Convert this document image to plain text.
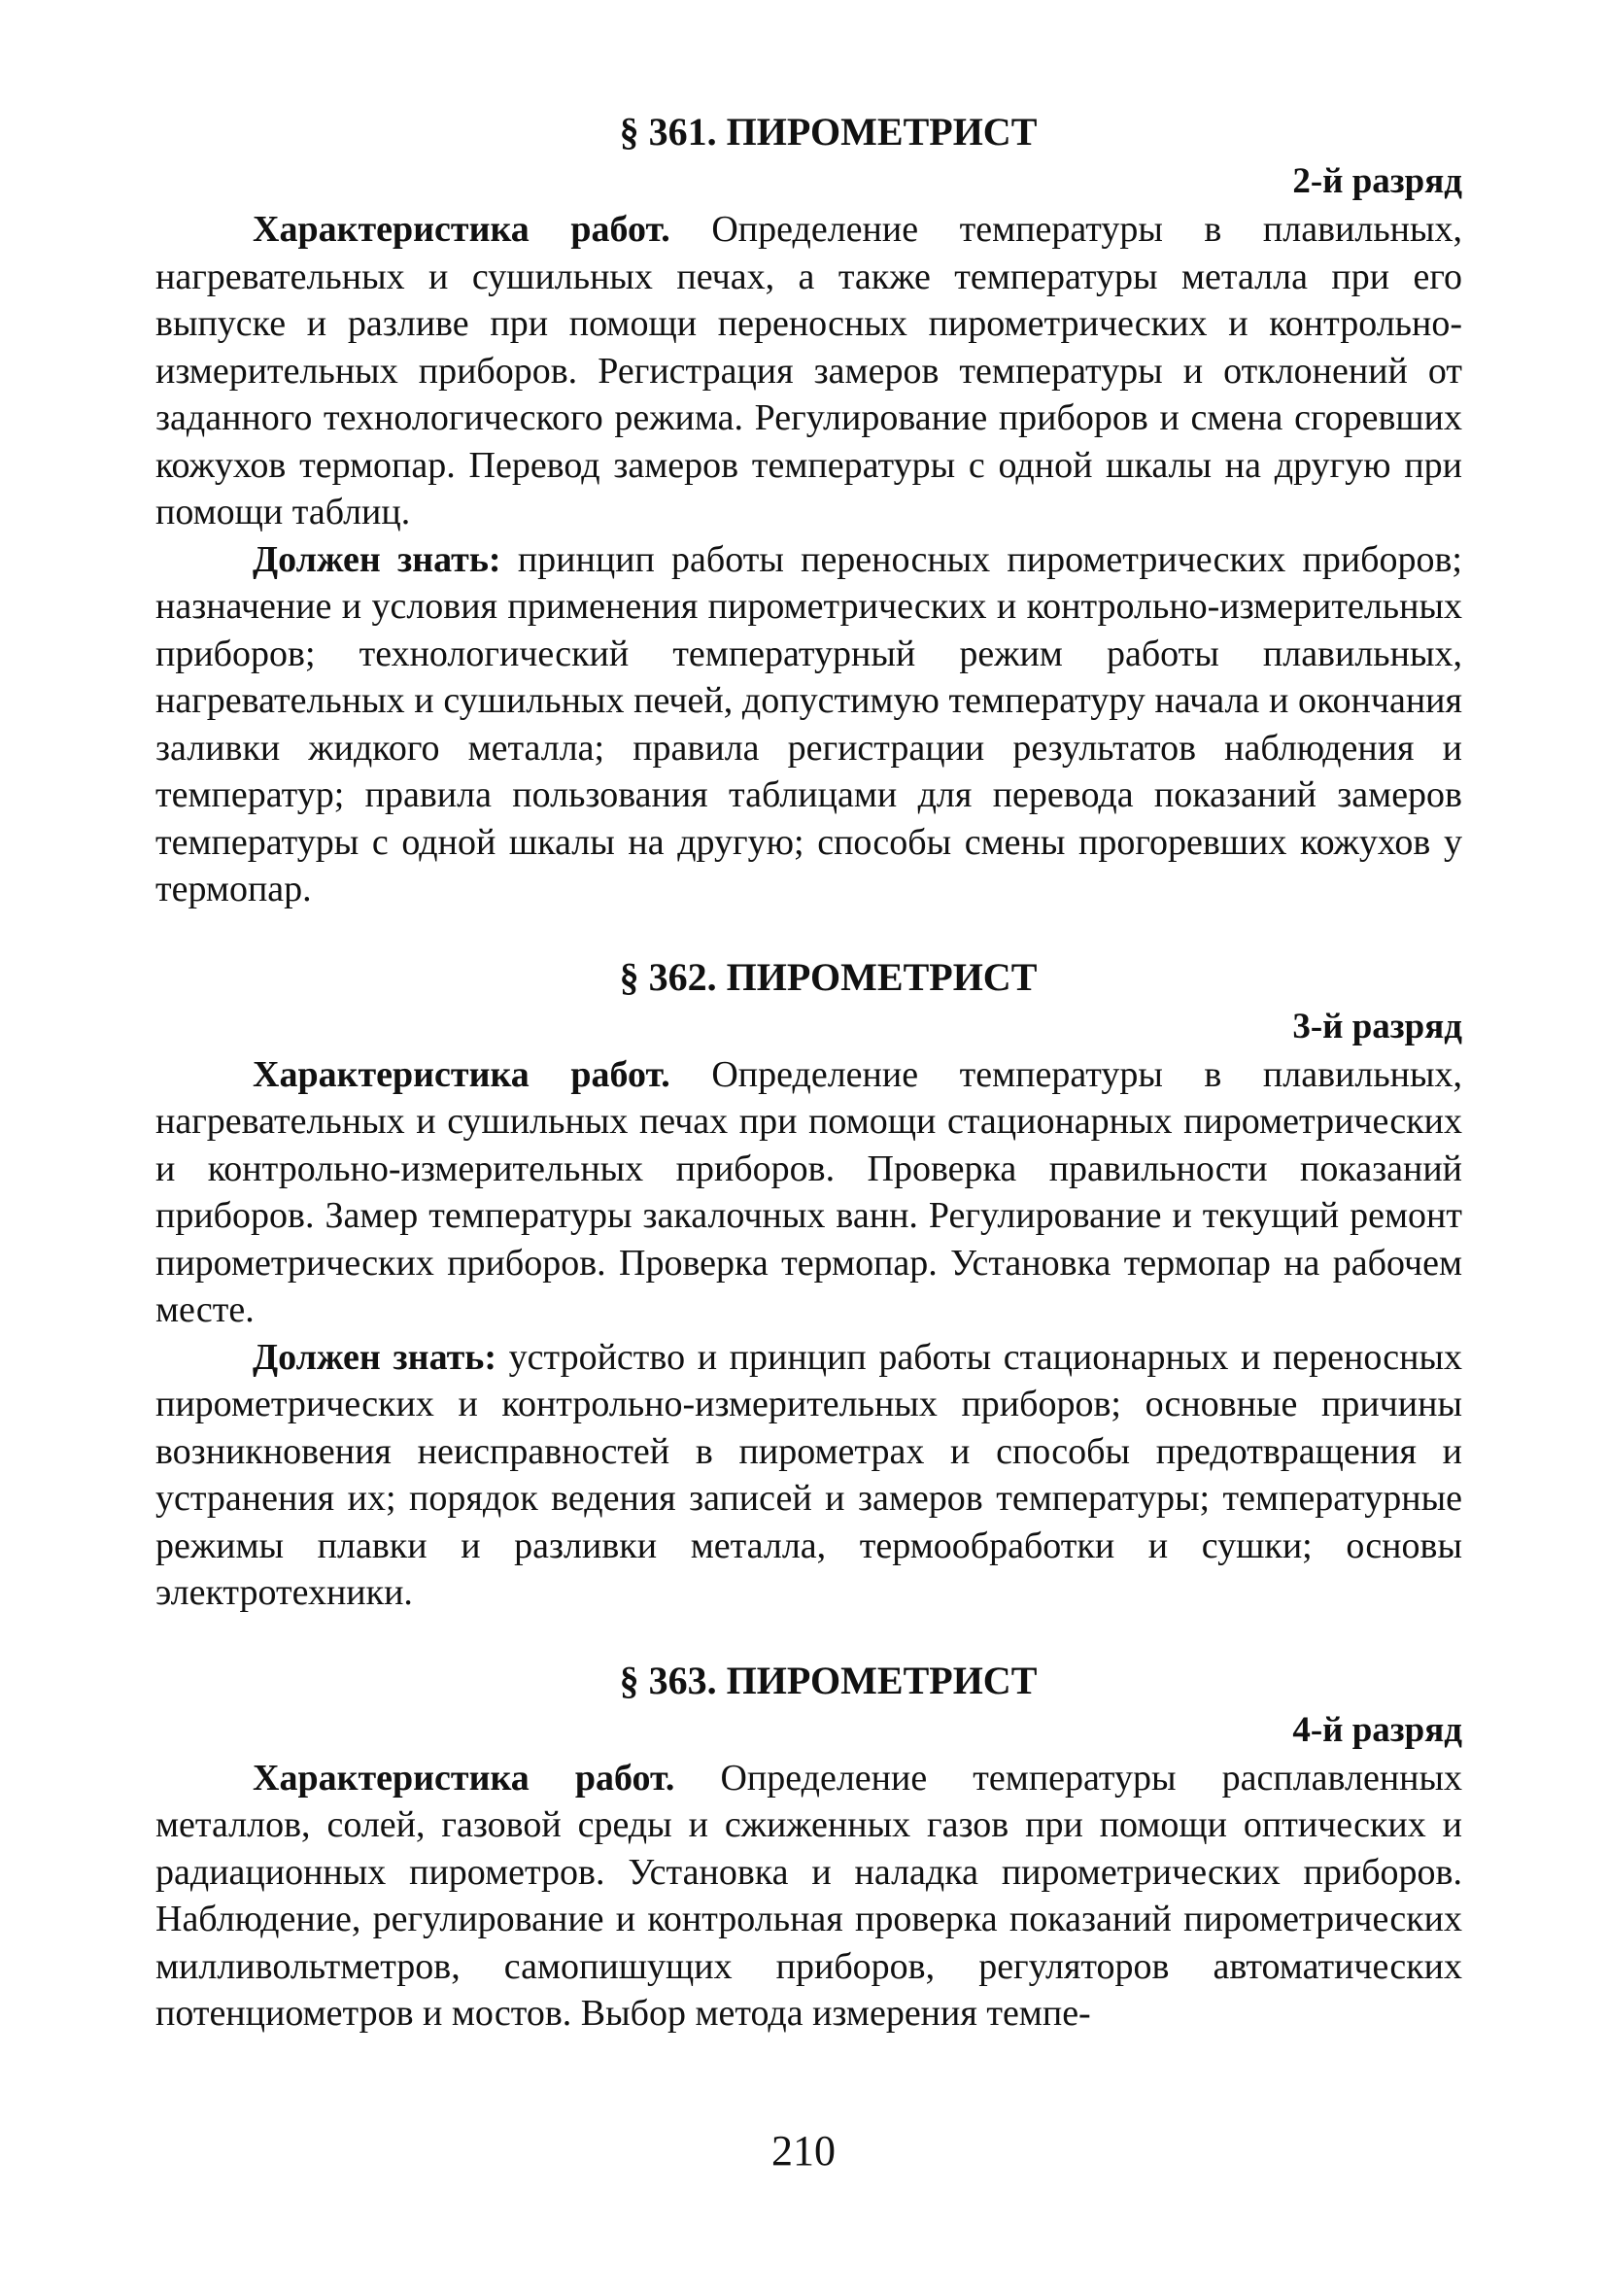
§ 361. ПИРОМЕТРИСТ

2-й разряд

Характеристика работ. Определение температуры в плавильных, нагревательных и сушильных печах, а также температуры металла при его выпуске и разливе при помощи переносных пирометрических и контрольно-измерительных приборов. Регистрация замеров температуры и отклонений от заданного технологического режима. Регулирование приборов и смена сгоревших кожухов термопар. Перевод замеров температуры с одной шкалы на другую при помощи таблиц.

Должен знать: принцип работы переносных пирометрических приборов; назначение и условия применения пирометрических и контрольно-измерительных приборов; технологический температурный режим работы плавильных, нагревательных и сушильных печей, допустимую температуру начала и окончания заливки жидкого металла; правила регистрации результатов наблюдения и температур; правила пользования таблицами для перевода показаний замеров температуры с одной шкалы на другую; способы смены прогоревших кожухов у термопар.

§ 362. ПИРОМЕТРИСТ

3-й разряд

Характеристика работ. Определение температуры в плавильных, нагревательных и сушильных печах при помощи стационарных пирометрических и контрольно-измерительных приборов. Проверка правильности показаний приборов. Замер температуры закалочных ванн. Регулирование и текущий ремонт пирометрических приборов. Проверка термопар. Установка термопар на рабочем месте.

Должен знать: устройство и принцип работы стационарных и переносных пирометрических и контрольно-измерительных приборов; основные причины возникновения неисправностей в пирометрах и способы предотвращения и устранения их; порядок ведения записей и замеров температуры; температурные режимы плавки и разливки металла, термообработки и сушки; основы электротехники.

§ 363. ПИРОМЕТРИСТ

4-й разряд

Характеристика работ. Определение температуры расплавленных металлов, солей, газовой среды и сжиженных газов при помощи оптических и радиационных пирометров. Установка и наладка пирометрических приборов. Наблюдение, регулирование и контрольная проверка показаний пирометрических милливольтметров, самопишущих приборов, регуляторов автоматических потенциометров и мостов. Выбор метода измерения темпе-

210
